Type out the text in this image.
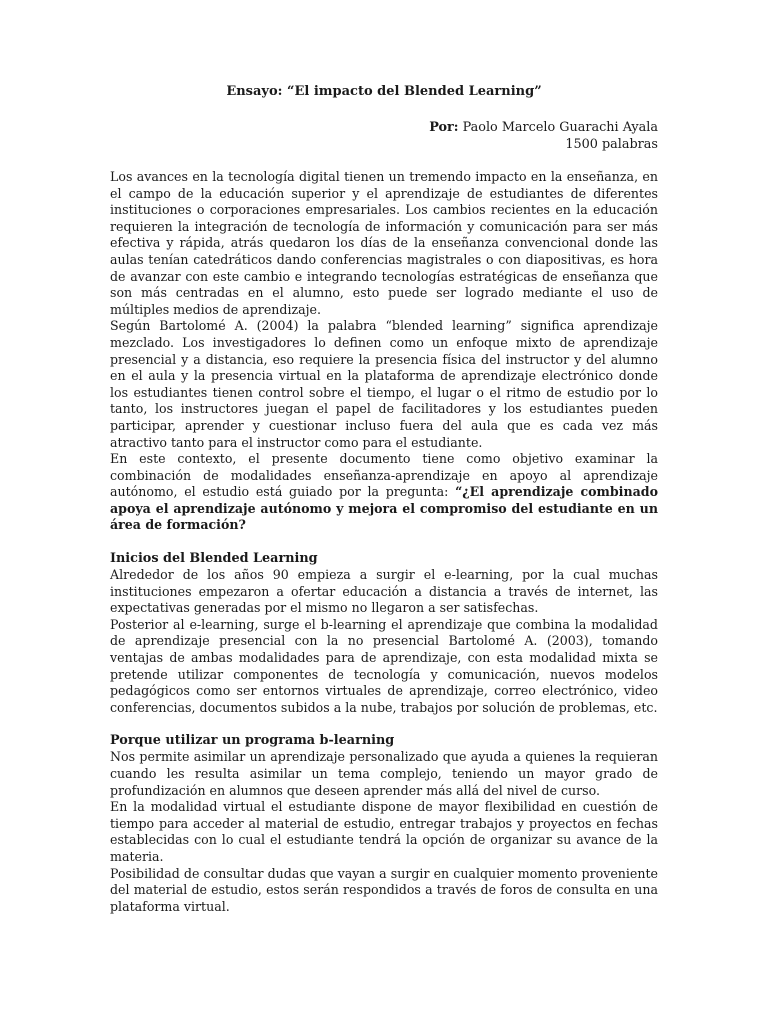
Ensayo: “El impacto del Blended Learning”
Por: Paolo Marcelo Guarachi Ayala
1500 palabras

Los avances en la tecnología digital tienen un tremendo impacto en la enseñanza, en el campo de la educación superior y el aprendizaje de estudiantes de diferentes instituciones o corporaciones empresariales. Los cambios recientes en la educación requieren la integración de tecnología de información y comunicación para ser más efectiva y rápida, atrás quedaron los días de la enseñanza convencional donde las aulas tenían catedráticos dando conferencias magistrales o con diapositivas, es hora de avanzar con este cambio e integrando tecnologías estratégicas de enseñanza que son más centradas en el alumno, esto puede ser logrado mediante el uso de múltiples medios de aprendizaje.

Según Bartolomé A. (2004) la palabra “blended learning” significa aprendizaje mezclado. Los investigadores lo definen como un enfoque mixto de aprendizaje presencial y a distancia, eso requiere la presencia física del instructor y del alumno en el aula y la presencia virtual en la plataforma de aprendizaje electrónico donde los estudiantes tienen control sobre el tiempo, el lugar o el ritmo de estudio por lo tanto, los instructores juegan el papel de facilitadores y los estudiantes pueden participar, aprender y cuestionar incluso fuera del aula que es cada vez más atractivo tanto para el instructor como para el estudiante.

En este contexto, el presente documento tiene como objetivo examinar la combinación de modalidades enseñanza-aprendizaje en apoyo al aprendizaje autónomo, el estudio está guiado por la pregunta: “¿El aprendizaje combinado apoya el aprendizaje autónomo y mejora el compromiso del estudiante en un área de formación?

Inicios del Blended Learning

Alrededor de los años 90 empieza a surgir el e-learning, por la cual muchas instituciones empezaron a ofertar educación a distancia a través de internet, las expectativas generadas por el mismo no llegaron a ser satisfechas.

Posterior al e-learning, surge el b-learning el aprendizaje que combina la modalidad de aprendizaje presencial con la no presencial Bartolomé A. (2003), tomando ventajas de ambas modalidades para de aprendizaje, con esta modalidad mixta se pretende utilizar componentes de tecnología y comunicación, nuevos modelos pedagógicos como ser entornos virtuales de aprendizaje, correo electrónico, video conferencias, documentos subidos a la nube, trabajos por solución de problemas, etc.

Porque utilizar un programa b-learning

Nos permite asimilar un aprendizaje personalizado que ayuda a quienes la requieran cuando les resulta asimilar un tema complejo, teniendo un mayor grado de profundización en alumnos que deseen aprender más allá del nivel de curso.

En la modalidad virtual el estudiante dispone de mayor flexibilidad en cuestión de tiempo para acceder al material de estudio, entregar trabajos y proyectos en fechas establecidas con lo cual el estudiante tendrá la opción de organizar su avance de la materia.

Posibilidad de consultar dudas que vayan a surgir en cualquier momento proveniente del material de estudio, estos serán respondidos a través de foros de consulta en una plataforma virtual.
